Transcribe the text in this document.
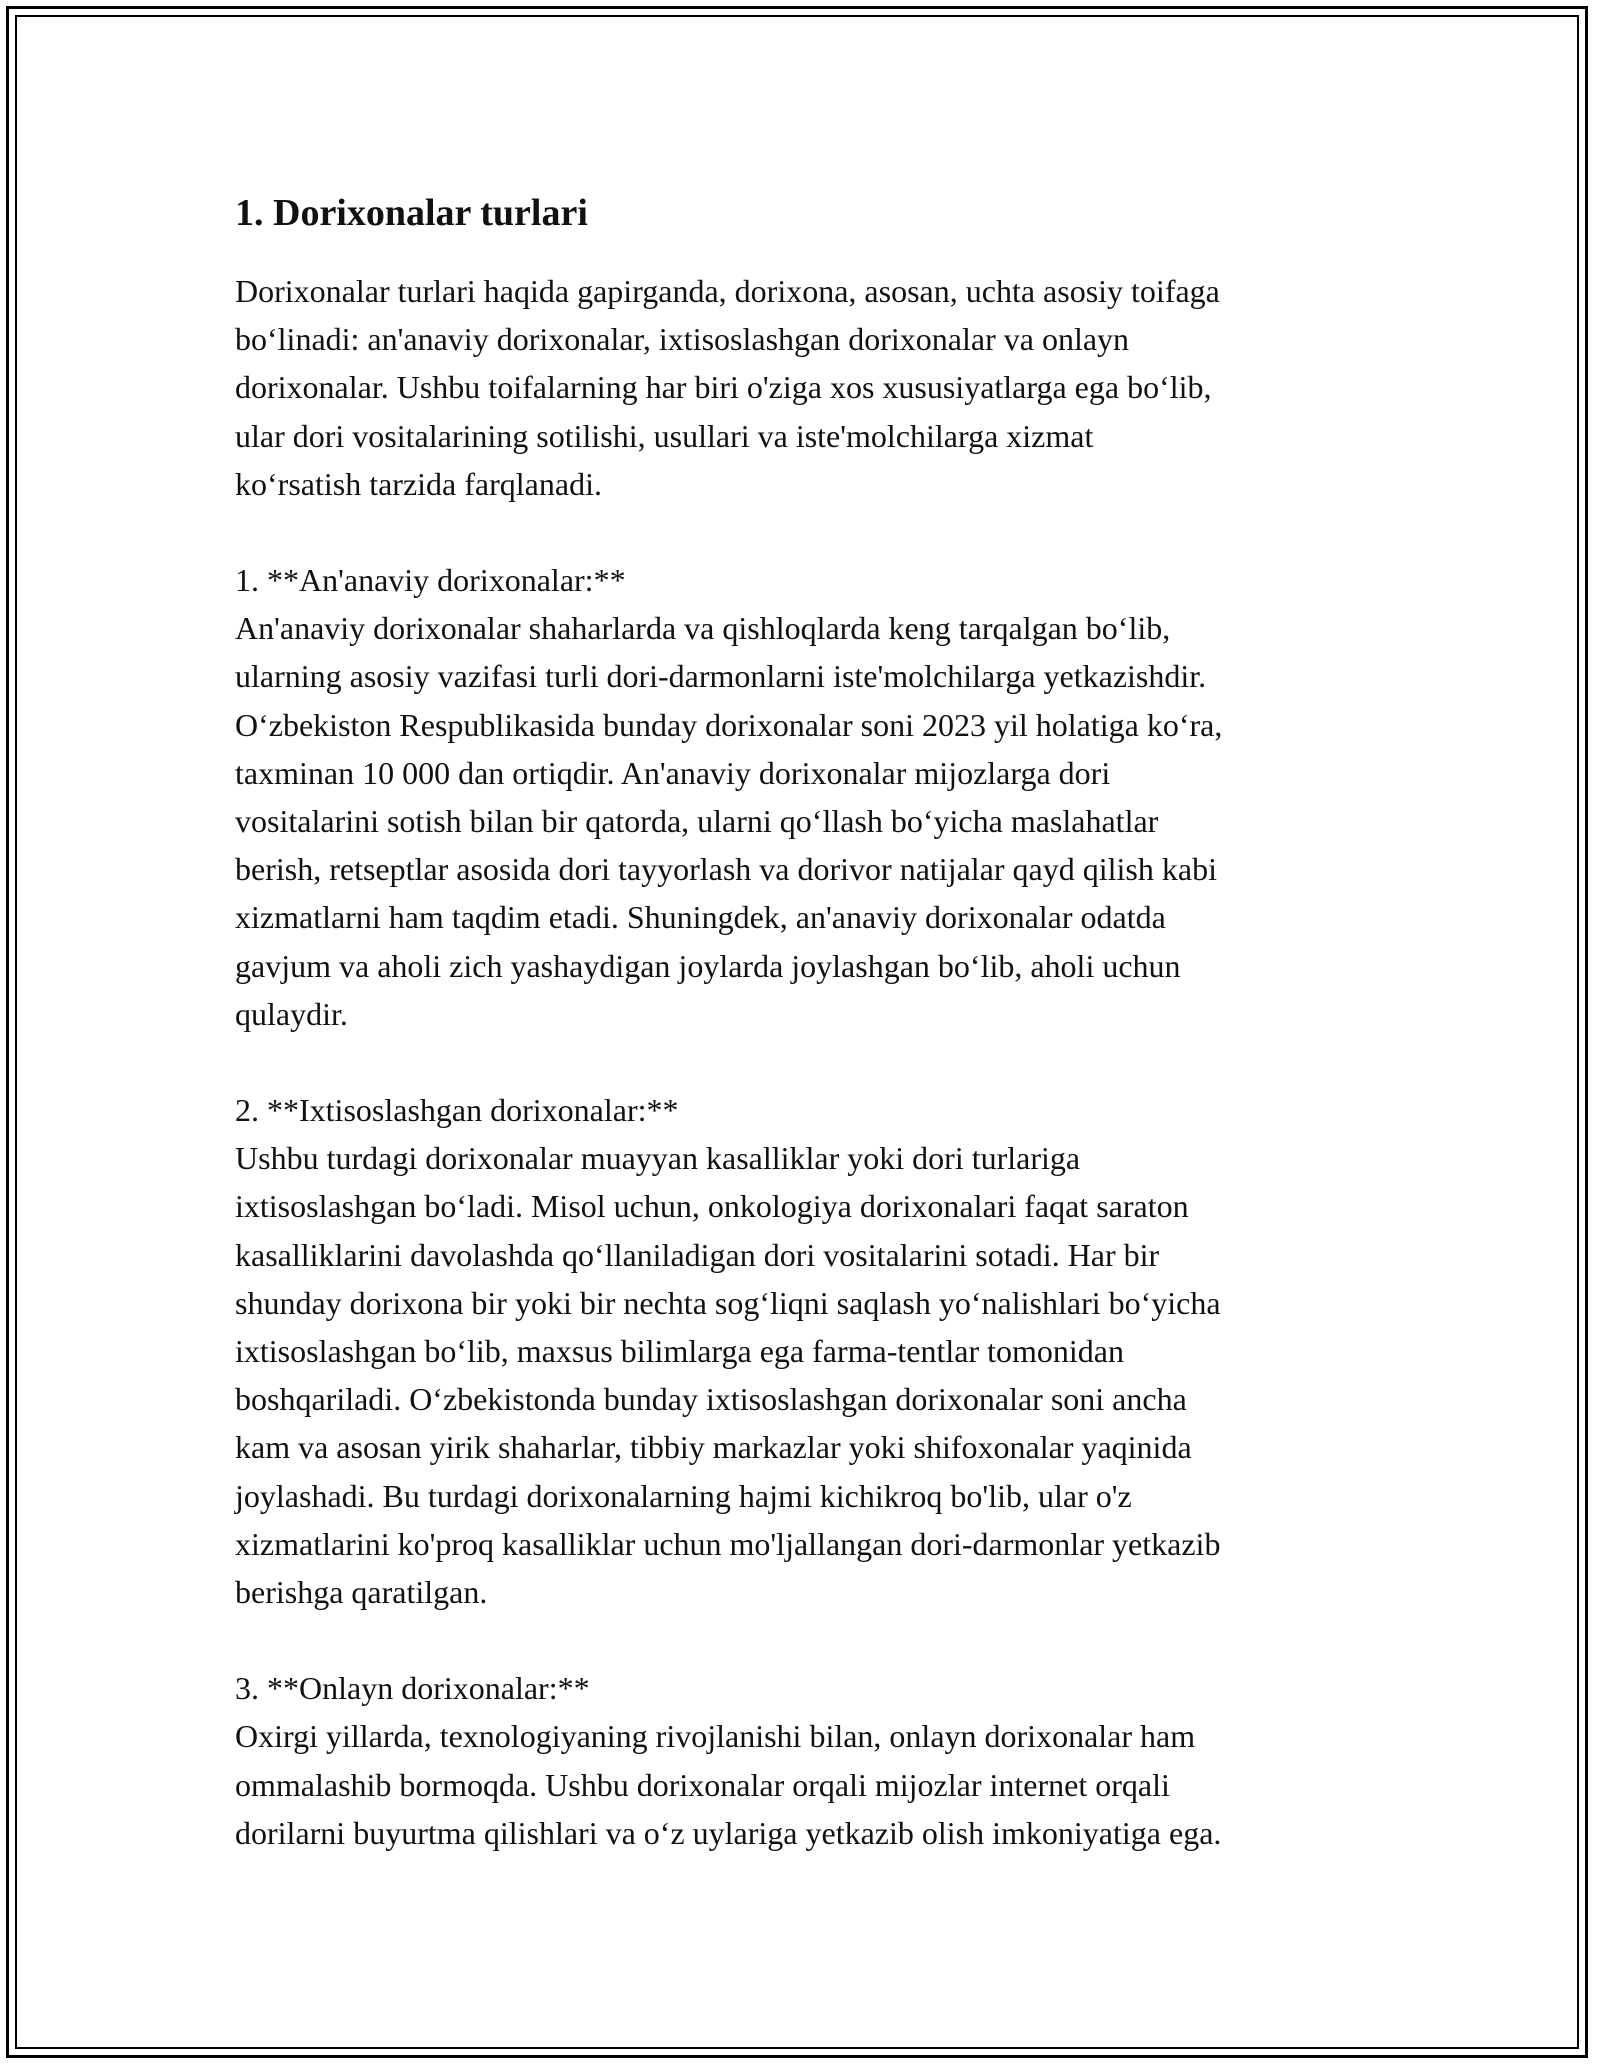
1. Dorixonalar turlari

Dorixonalar turlari haqida gapirganda, dorixona, asosan, uchta asosiy toifaga
bo‘linadi: an'anaviy dorixonalar, ixtisoslashgan dorixonalar va onlayn
dorixonalar. Ushbu toifalarning har biri o'ziga xos xususiyatlarga ega bo‘lib,
ular dori vositalarining sotilishi, usullari va iste'molchilarga xizmat
ko‘rsatish tarzida farqlanadi.

1. **An'anaviy dorixonalar:**

An'anaviy dorixonalar shaharlarda va qishloqlarda keng tarqalgan bo‘lib,
ularning asosiy vazifasi turli dori-darmonlarni iste'molchilarga yetkazishdir.
O‘zbekiston Respublikasida bunday dorixonalar soni 2023 yil holatiga ko‘ra,
taxminan 10 000 dan ortiqdir. An'anaviy dorixonalar mijozlarga dori
vositalarini sotish bilan bir qatorda, ularni qo‘llash bo‘yicha maslahatlar
berish, retseptlar asosida dori tayyorlash va dorivor natijalar qayd qilish kabi
xizmatlarni ham taqdim etadi. Shuningdek, an'anaviy dorixonalar odatda
gavjum va aholi zich yashaydigan joylarda joylashgan bo‘lib, aholi uchun
qulaydir.

2. **Ixtisoslashgan dorixonalar:**

Ushbu turdagi dorixonalar muayyan kasalliklar yoki dori turlariga
ixtisoslashgan bo‘ladi. Misol uchun, onkologiya dorixonalari faqat saraton
kasalliklarini davolashda qo‘llaniladigan dori vositalarini sotadi. Har bir
shunday dorixona bir yoki bir nechta sog‘liqni saqlash yo‘nalishlari bo‘yicha
ixtisoslashgan bo‘lib, maxsus bilimlarga ega farma-tentlar tomonidan
boshqariladi. O‘zbekistonda bunday ixtisoslashgan dorixonalar soni ancha
kam va asosan yirik shaharlar, tibbiy markazlar yoki shifoxonalar yaqinida
joylashadi. Bu turdagi dorixonalarning hajmi kichikroq bo'lib, ular o'z
xizmatlarini ko'proq kasalliklar uchun mo'ljallangan dori-darmonlar yetkazib
berishga qaratilgan.

3. **Onlayn dorixonalar:**

Oxirgi yillarda, texnologiyaning rivojlanishi bilan, onlayn dorixonalar ham
ommalashib bormoqda. Ushbu dorixonalar orqali mijozlar internet orqali
dorilarni buyurtma qilishlari va o‘z uylariga yetkazib olish imkoniyatiga ega.
